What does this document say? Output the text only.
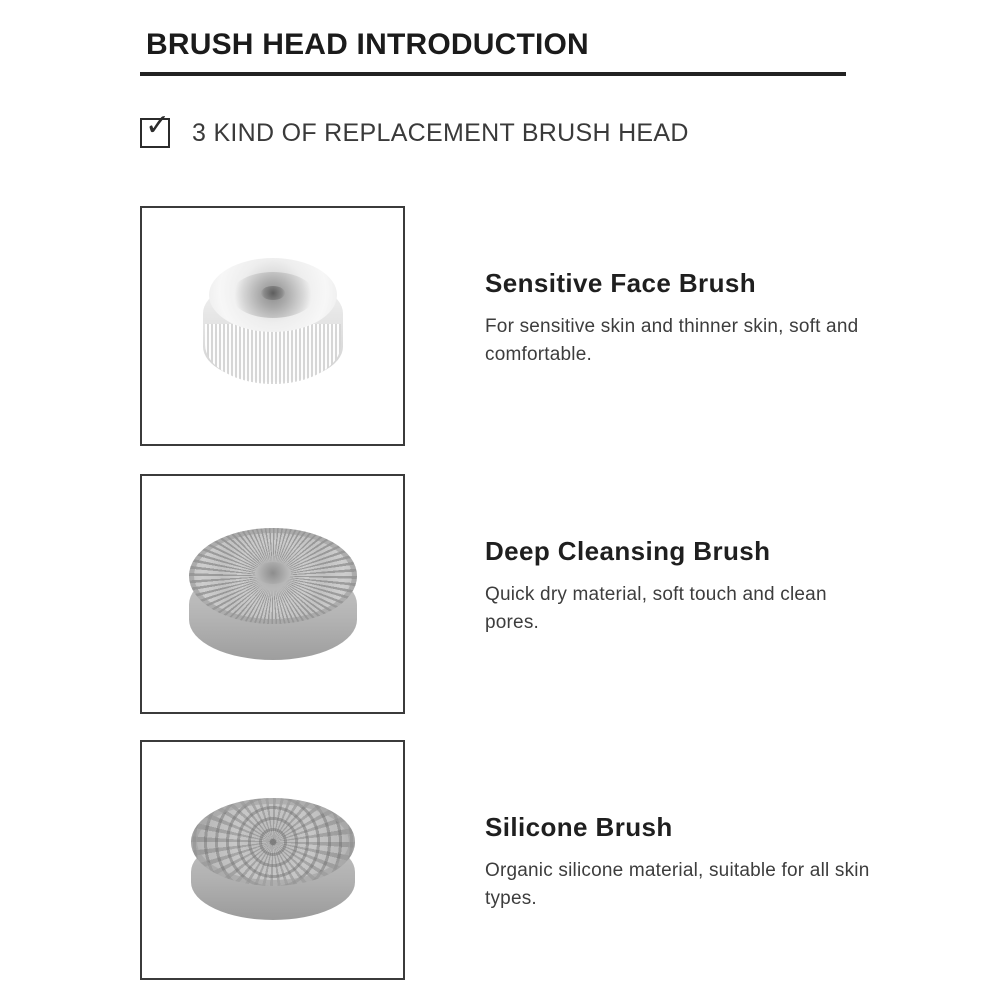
BRUSH HEAD INTRODUCTION
✓ 3 KIND OF REPLACEMENT BRUSH HEAD
Sensitive Face Brush
For sensitive skin and thinner skin, soft and comfortable.
Deep Cleansing Brush
Quick dry material, soft touch and clean pores.
Silicone Brush
Organic silicone material, suitable for all skin types.
